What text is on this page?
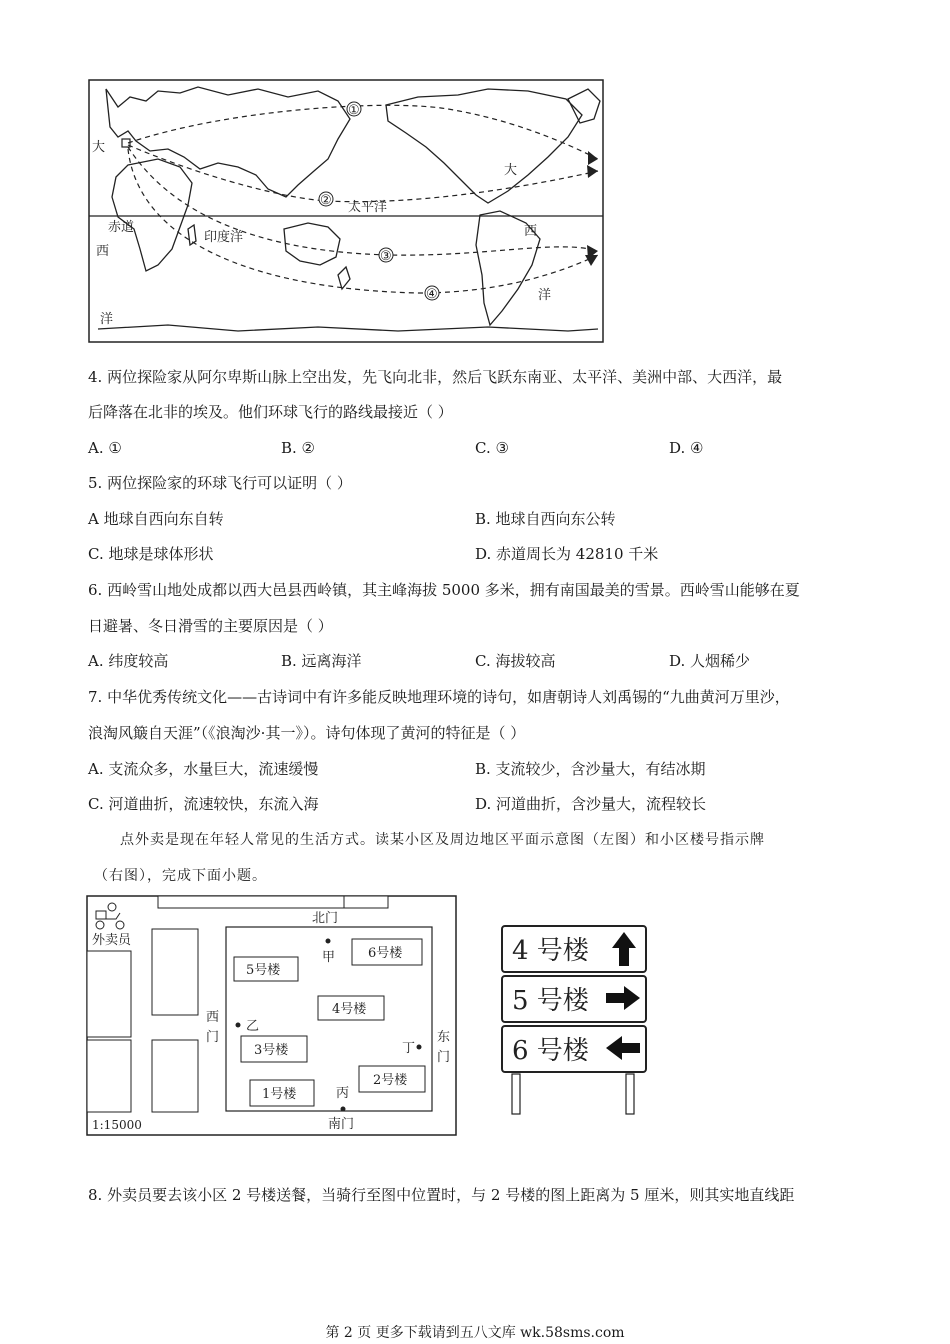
①
②
③
④
大
大
太平洋
赤道
印度洋
西
西
洋
洋
4. 两位探险家从阿尔卑斯山脉上空出发，先飞向北非，然后飞跃东南亚、太平洋、美洲中部、大西洋，最
后降落在北非的埃及。他们环球飞行的路线最接近（ ）
A. ①	B. ②	C. ③	D. ④
5. 两位探险家的环球飞行可以证明（ ）
A 地球自西向东自转	B. 地球自西向东公转
C. 地球是球体形状	D. 赤道周长为 42810 千米
6. 西岭雪山地处成都以西大邑县西岭镇，其主峰海拔 5000 多米，拥有南国最美的雪景。西岭雪山能够在夏
日避暑、冬日滑雪的主要原因是（ ）
A. 纬度较高	B. 远离海洋	C. 海拔较高	D. 人烟稀少
7. 中华优秀传统文化——古诗词中有许多能反映地理环境的诗句，如唐朝诗人刘禹锡的“九曲黄河万里沙，
浪淘风簸自天涯”（《浪淘沙·其一》）。诗句体现了黄河的特征是（ ）
A. 支流众多，水量巨大，流速缓慢	B. 支流较少，含沙量大，有结冰期
C. 河道曲折，流速较快，东流入海	D. 河道曲折，含沙量大，流程较长
点外卖是现在年轻人常见的生活方式。读某小区及周边地区平面示意图（左图）和小区楼号指示牌
（右图），完成下面小题。
5号楼
6号楼
4号楼
3号楼
2号楼
1号楼
北门
南门
西
门	东
门
甲
乙
丁
丙
外卖员
1:15000
4 号楼
5 号楼
6 号楼
8. 外卖员要去该小区 2 号楼送餐，当骑行至图中位置时，与 2 号楼的图上距离为 5 厘米，则其实地直线距
第 2 页 更多下载请到五八文库 wk.58sms.com
